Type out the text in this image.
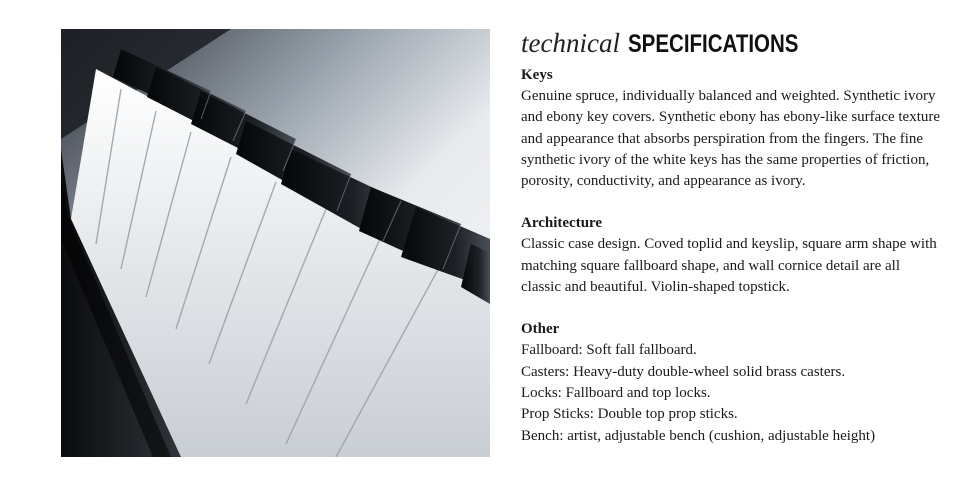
technical SPECIFICATIONS

Keys

Genuine spruce, individually balanced and weighted. Synthetic ivory
and ebony key covers. Synthetic ebony has ebony-like surface texture
and appearance that absorbs perspiration from the fingers. The fine
synthetic ivory of the white keys has the same properties of friction,
porosity, conductivity, and appearance as ivory.

Architecture

Classic case design. Coved toplid and keyslip, square arm shape with
matching square fallboard shape, and wall cornice detail are all
classic and beautiful. Violin-shaped topstick.

Other

Fallboard: Soft fall fallboard.
Casters: Heavy-duty double-wheel solid brass casters.
Locks: Fallboard and top locks.
Prop Sticks: Double top prop sticks.
Bench: artist, adjustable bench (cushion, adjustable height)
